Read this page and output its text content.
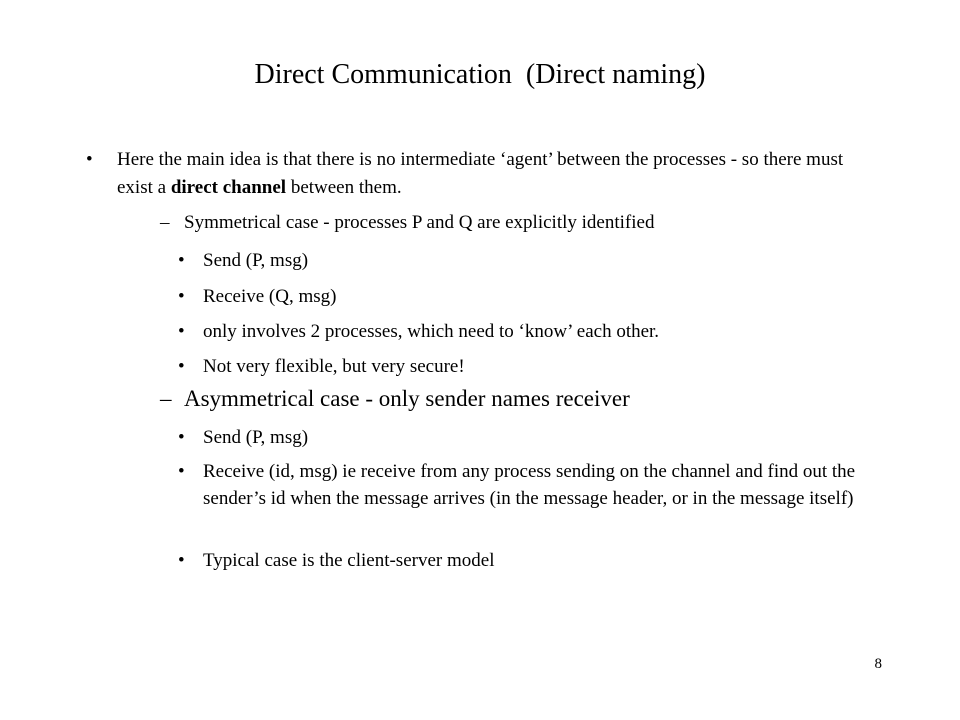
Direct Communication  (Direct naming)
• Here the main idea is that there is no intermediate ‘agent’ between the processes - so there must exist a direct channel between them.
– Symmetrical case - processes P and Q are explicitly identified
• Send (P, msg)
• Receive (Q, msg)
• only involves 2 processes, which need to ‘know’ each other.
• Not very flexible, but very secure!
– Asymmetrical case - only sender names receiver
• Send (P, msg)
• Receive (id, msg) ie receive from any process sending on the channel and find out the sender’s id when the message arrives (in the message header, or in the message itself)
• Typical case is the client-server model
8
